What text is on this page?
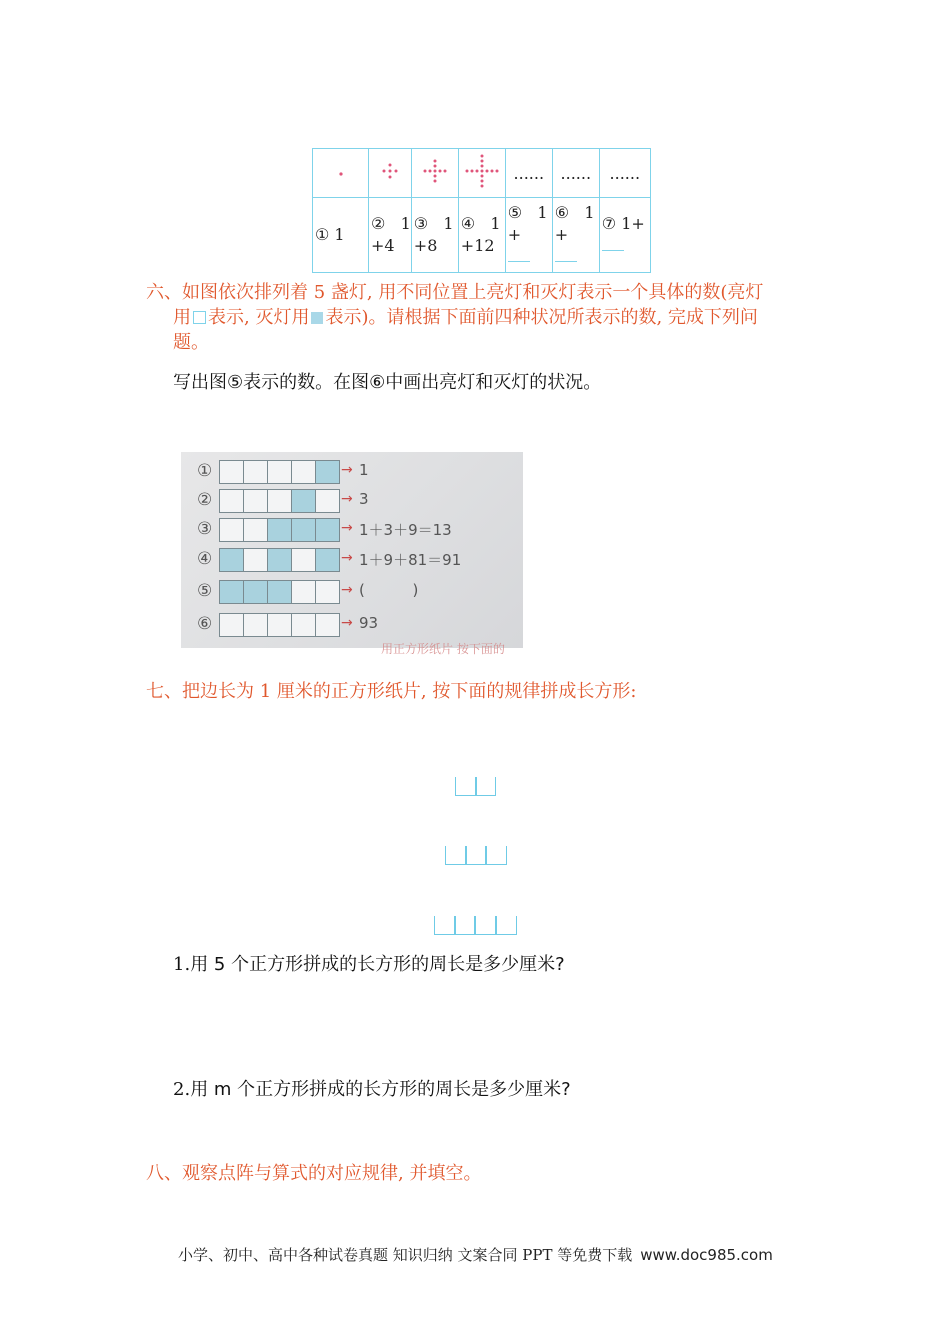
				......	......	......
① 1	②   1 +4	③   1 +8	④   1 +12	⑤   1 +	⑥   1 +	⑦ 1+

六、如图依次排列着 5 盏灯, 用不同位置上亮灯和灭灯表示一个具体的数(亮灯
用 表示, 灭灯用 表示)。请根据下面前四种状况所表示的数, 完成下列问
题。
写出图⑤表示的数。在图⑥中画出亮灯和灭灯的状况。
①	→ 1
②	→ 3
③	→ 1＋3＋9＝13
④	→ 1＋9＋81＝91
⑤	→ (          )
⑥	→ 93
用正方形纸片 按下面的
七、把边长为 1 厘米的正方形纸片, 按下面的规律拼成长方形:
1.用 5 个正方形拼成的长方形的周长是多少厘米?
2.用 m 个正方形拼成的长方形的周长是多少厘米?
八、观察点阵与算式的对应规律, 并填空。
小学、初中、高中各种试卷真题 知识归纳 文案合同 PPT 等免费下载 www.doc985.com
